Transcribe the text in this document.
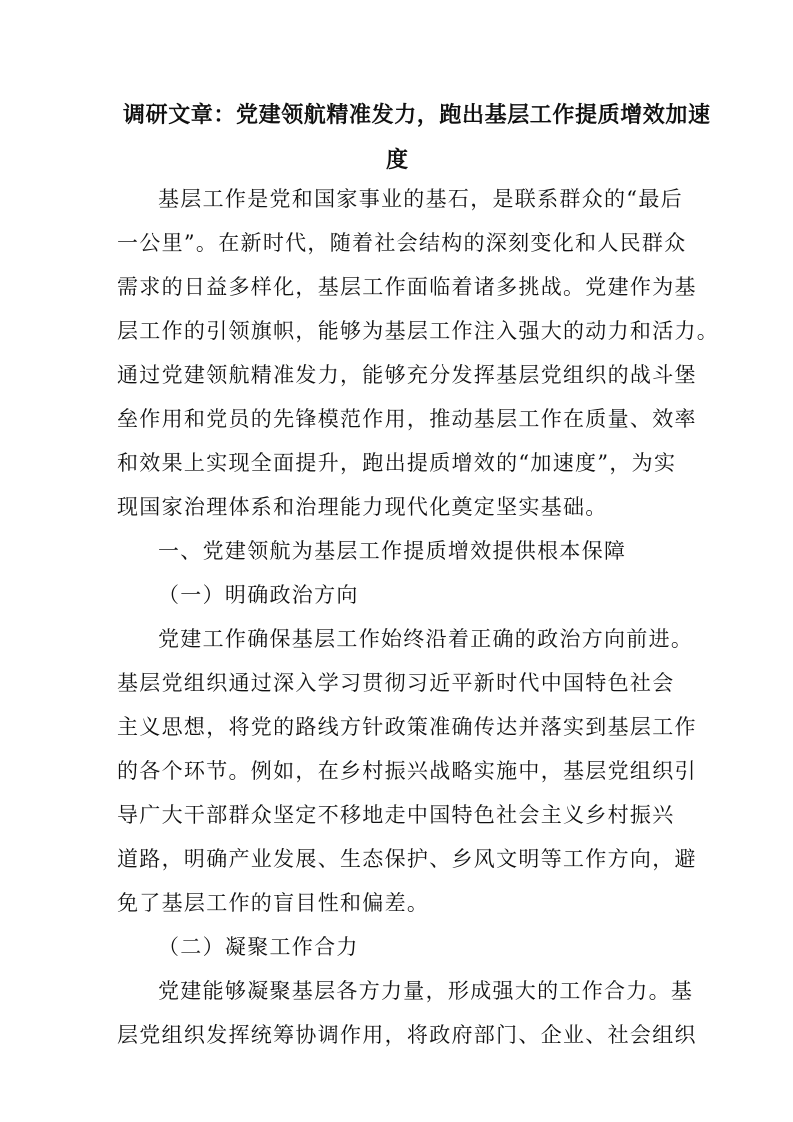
调研文章：党建领航精准发力，跑出基层工作提质增效加速
度
基层工作是党和国家事业的基石，是联系群众的“最后
一公里”。在新时代，随着社会结构的深刻变化和人民群众
需求的日益多样化，基层工作面临着诸多挑战。党建作为基
层工作的引领旗帜，能够为基层工作注入强大的动力和活力。
通过党建领航精准发力，能够充分发挥基层党组织的战斗堡
垒作用和党员的先锋模范作用，推动基层工作在质量、效率
和效果上实现全面提升，跑出提质增效的“加速度”，为实
现国家治理体系和治理能力现代化奠定坚实基础。
一、党建领航为基层工作提质增效提供根本保障
（一）明确政治方向
党建工作确保基层工作始终沿着正确的政治方向前进。
基层党组织通过深入学习贯彻习近平新时代中国特色社会
主义思想，将党的路线方针政策准确传达并落实到基层工作
的各个环节。例如，在乡村振兴战略实施中，基层党组织引
导广大干部群众坚定不移地走中国特色社会主义乡村振兴
道路，明确产业发展、生态保护、乡风文明等工作方向，避
免了基层工作的盲目性和偏差。
（二）凝聚工作合力
党建能够凝聚基层各方力量，形成强大的工作合力。基
层党组织发挥统筹协调作用，将政府部门、企业、社会组织
